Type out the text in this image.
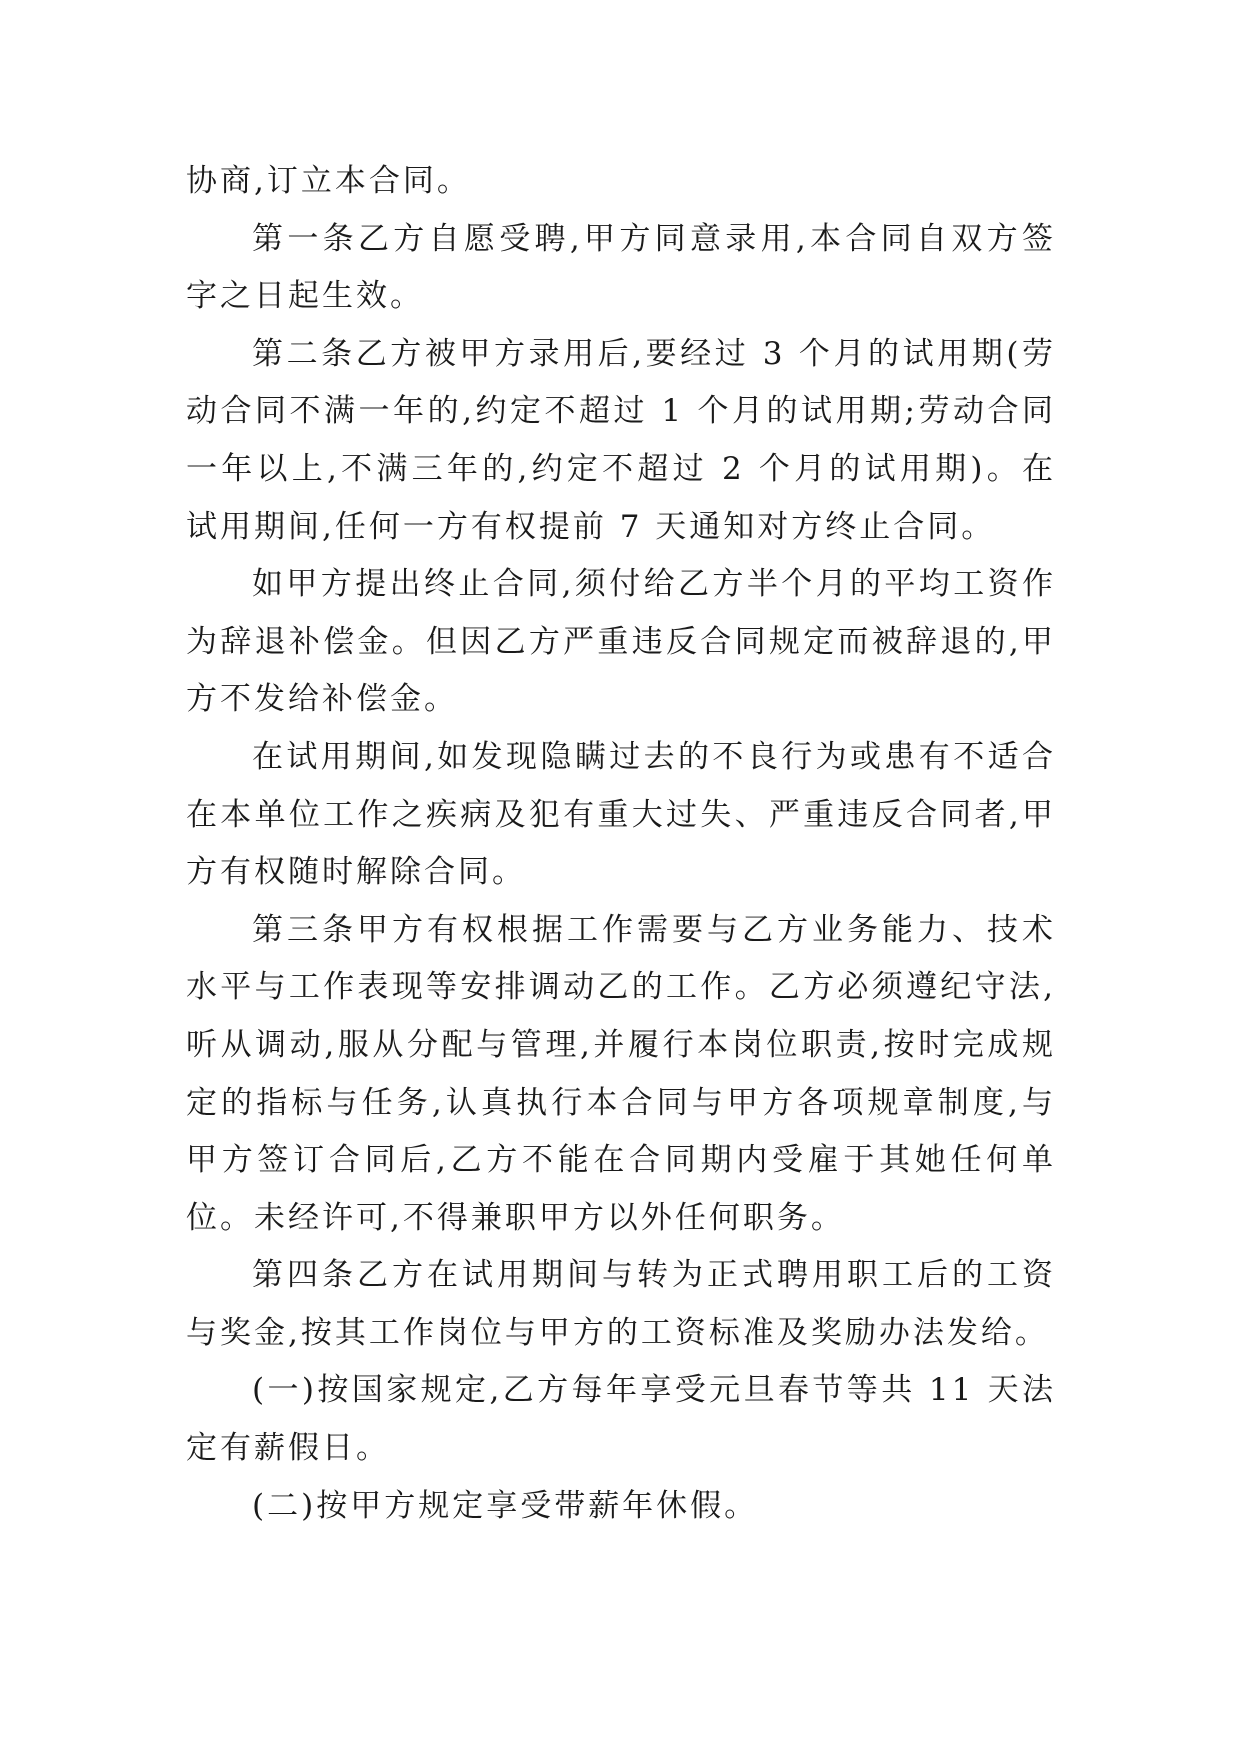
协商,订立本合同。

第一条乙方自愿受聘,甲方同意录用,本合同自双方签字之日起生效。

第二条乙方被甲方录用后,要经过 3 个月的试用期(劳动合同不满一年的,约定不超过 1 个月的试用期;劳动合同一年以上,不满三年的,约定不超过 2 个月的试用期)。在试用期间,任何一方有权提前 7 天通知对方终止合同。

如甲方提出终止合同,须付给乙方半个月的平均工资作为辞退补偿金。但因乙方严重违反合同规定而被辞退的,甲方不发给补偿金。

在试用期间,如发现隐瞒过去的不良行为或患有不适合在本单位工作之疾病及犯有重大过失、严重违反合同者,甲方有权随时解除合同。

第三条甲方有权根据工作需要与乙方业务能力、技术水平与工作表现等安排调动乙的工作。乙方必须遵纪守法,听从调动,服从分配与管理,并履行本岗位职责,按时完成规定的指标与任务,认真执行本合同与甲方各项规章制度,与甲方签订合同后,乙方不能在合同期内受雇于其她任何单位。未经许可,不得兼职甲方以外任何职务。

第四条乙方在试用期间与转为正式聘用职工后的工资与奖金,按其工作岗位与甲方的工资标准及奖励办法发给。

(一)按国家规定,乙方每年享受元旦春节等共 11 天法定有薪假日。

(二)按甲方规定享受带薪年休假。
